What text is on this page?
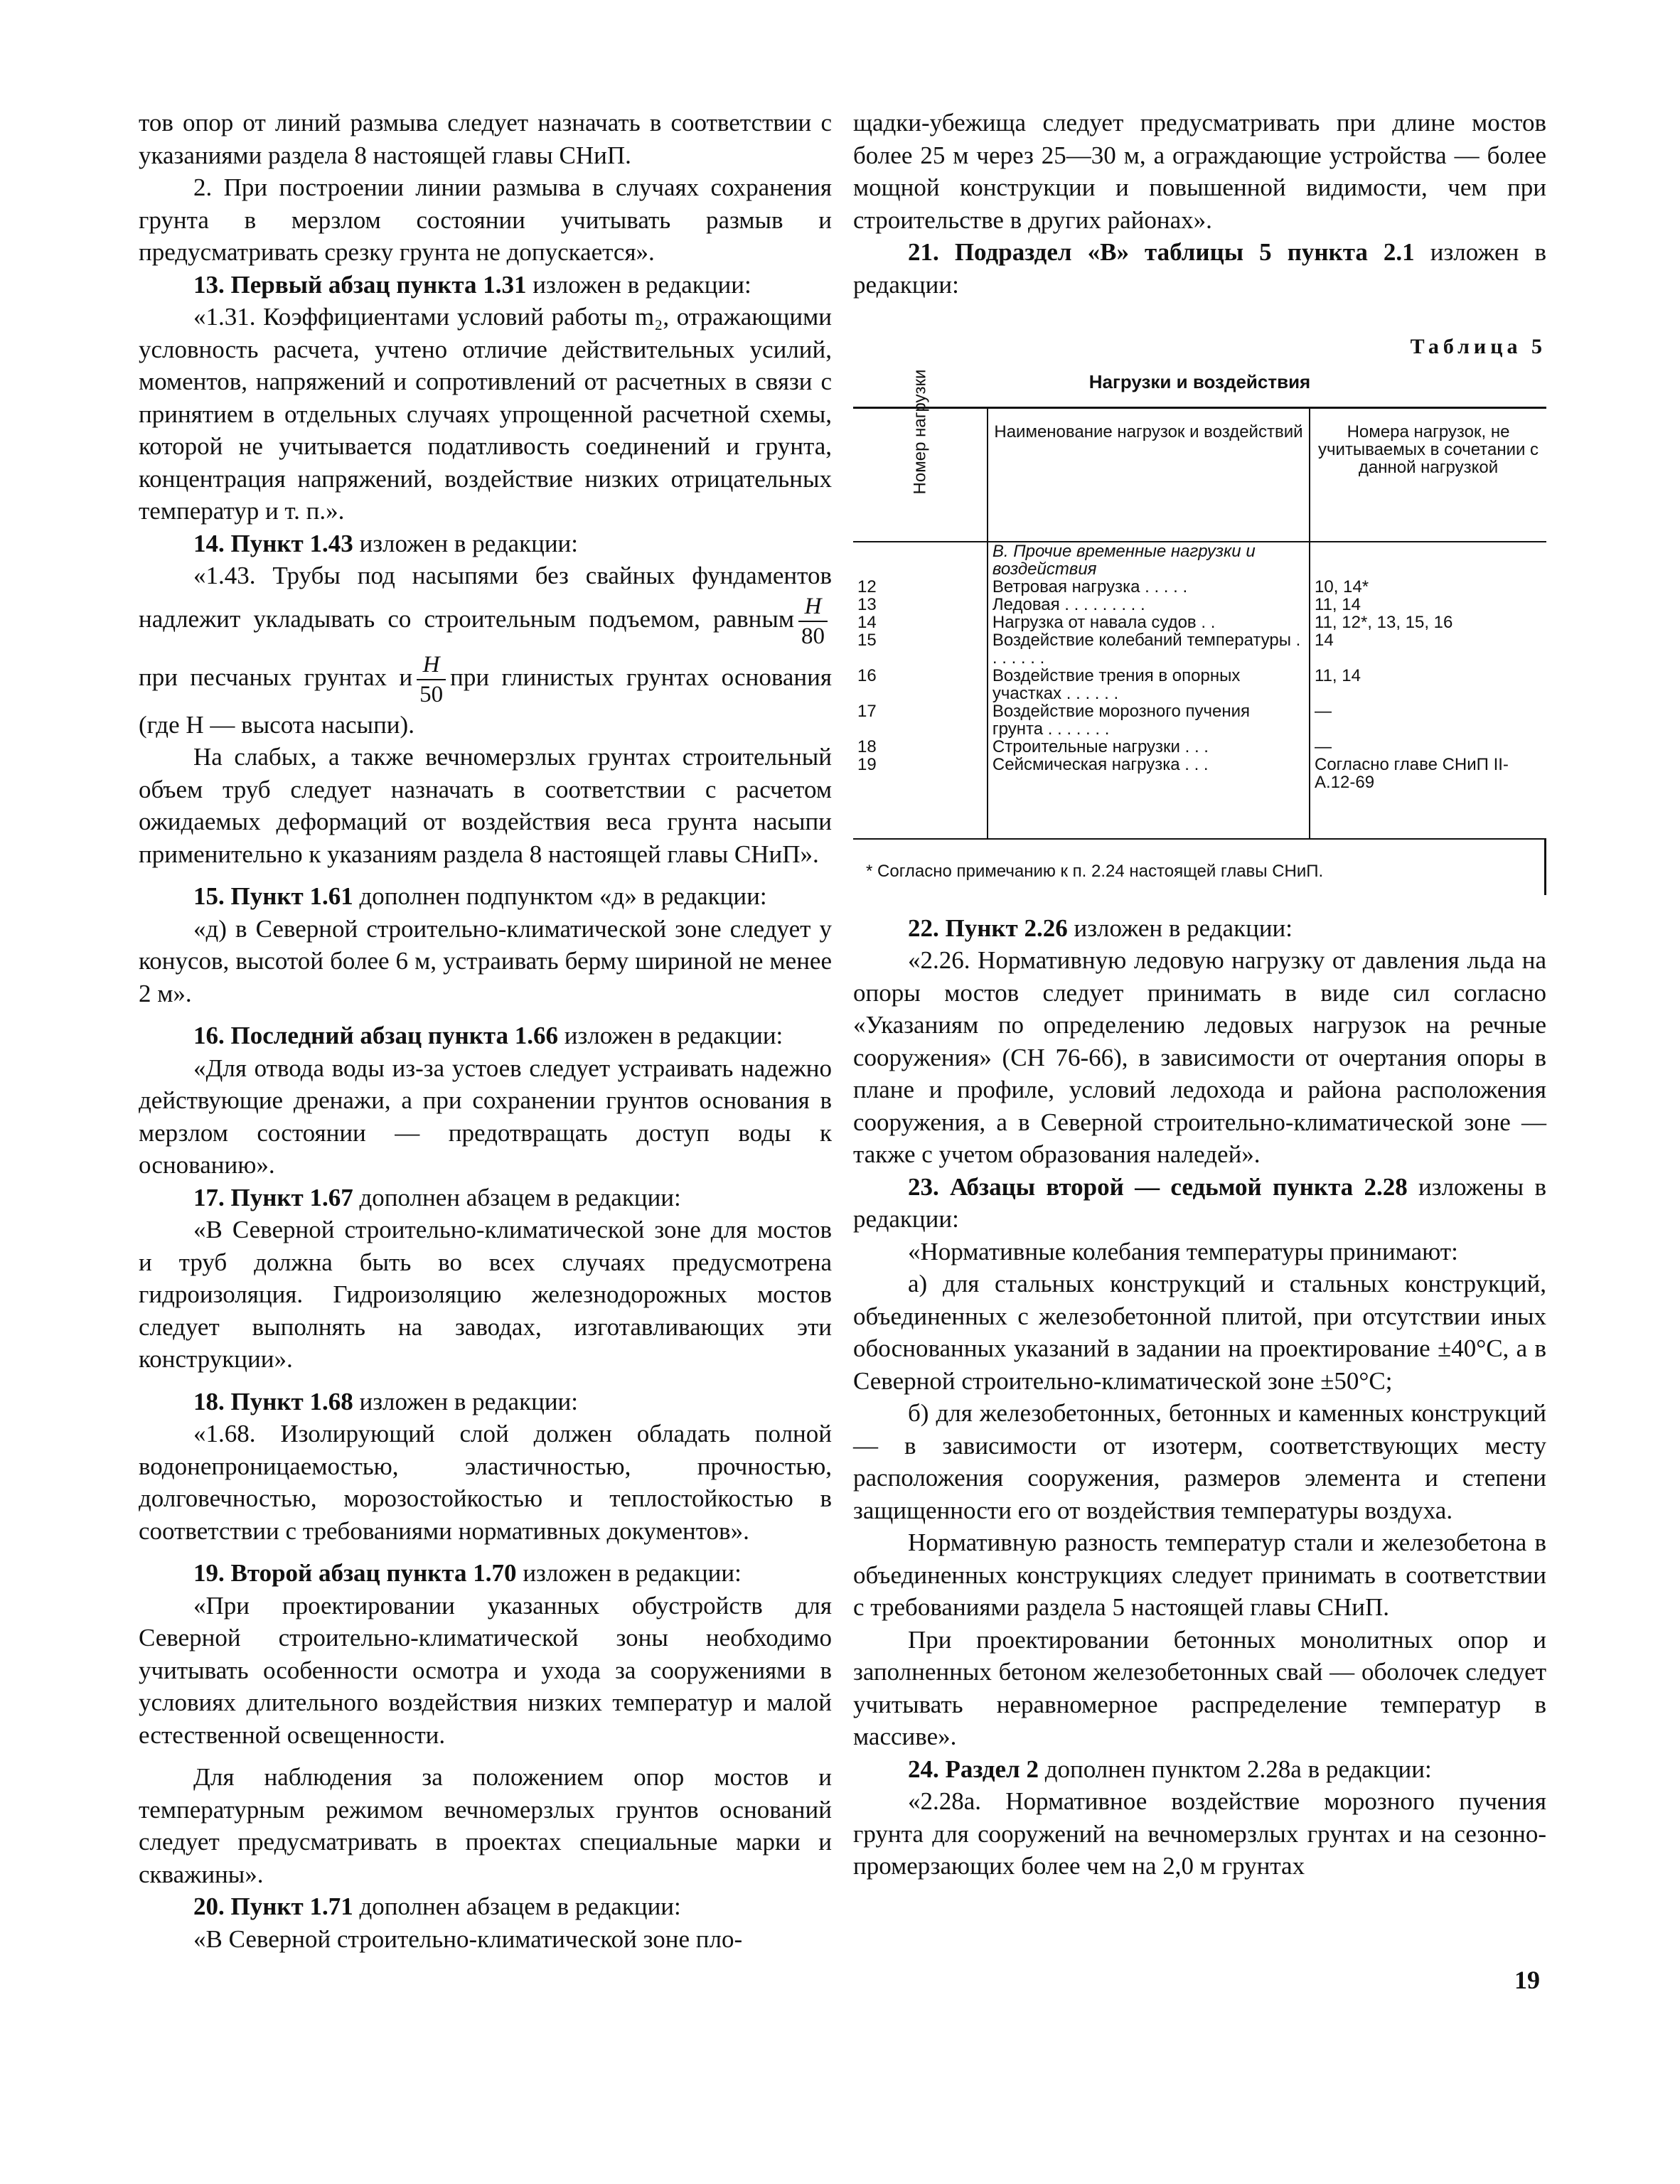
тов опор от линий размыва следует назначать в соответствии с указаниями раздела 8 настоящей главы СНиП.

2. При построении линии размыва в случаях сохранения грунта в мерзлом состоянии учитывать размыв и предусматривать срезку грунта не допускается».

13. Первый абзац пункта 1.31 изложен в редакции:

«1.31. Коэффициентами условий работы m₂, отражающими условность расчета, учтено отличие действительных усилий, моментов, напряжений и сопротивлений от расчетных в связи с принятием в отдельных случаях упрощенной расчетной схемы, которой не учитывается податливость соединений и грунта, концентрация напряжений, воздействие низких отрицательных температур и т. п.».

14. Пункт 1.43 изложен в редакции:

«1.43. Трубы под насыпями без свайных фундаментов надлежит укладывать со строительным подъемом, равным $\frac{H}{80}$
при песчаных грунтах и $\frac{H}{50}$ при глинистых грунтах основания (где H — высота насыпи).

На слабых, а также вечномерзлых грунтах строительный объем труб следует назначать в соответствии с расчетом ожидаемых деформаций от воздействия веса грунта насыпи применительно к указаниям раздела 8 настоящей главы СНиП».

15. Пункт 1.61 дополнен подпунктом «д» в редакции:

«д) в Северной строительно-климатической зоне следует у конусов, высотой более 6 м, устраивать берму шириной не менее 2 м».

16. Последний абзац пункта 1.66 изложен в редакции:

«Для отвода воды из-за устоев следует устраивать надежно действующие дренажи, а при сохранении грунтов основания в мерзлом состоянии — предотвращать доступ воды к основанию».

17. Пункт 1.67 дополнен абзацем в редакции:

«В Северной строительно-климатической зоне для мостов и труб должна быть во всех случаях предусмотрена гидроизоляция. Гидроизоляцию железнодорожных мостов следует выполнять на заводах, изготавливающих эти конструкции».

18. Пункт 1.68 изложен в редакции:

«1.68. Изолирующий слой должен обладать полной водонепроницаемостью, эластичностью, прочностью, долговечностью, морозостойкостью и теплостойкостью в соответствии с требованиями нормативных документов».

19. Второй абзац пункта 1.70 изложен в редакции:

«При проектировании указанных обустройств для Северной строительно-климатической зоны необходимо учитывать особенности осмотра и ухода за сооружениями в условиях длительного воздействия низких температур и малой естественной освещенности.

Для наблюдения за положением опор мостов и температурным режимом вечномерзлых грунтов оснований следует предусматривать в проектах специальные марки и скважины».

20. Пункт 1.71 дополнен абзацем в редакции:

«В Северной строительно-климатической зоне пло-

щадки-убежища следует предусматривать при длине мостов более 25 м через 25—30 м, а ограждающие устройства — более мощной конструкции и повышенной видимости, чем при строительстве в других районах».

21. Подраздел «В» таблицы 5 пункта 2.1 изложен в редакции:

Таблица 5
Нагрузки и воздействия
Номер нагрузки	Наименование нагрузок и воздействий	Номера нагрузок, не учитываемых в сочетании с данной нагрузкой
	В. Прочие временные нагрузки и воздействия	
12	Ветровая нагрузка . . . . .	10, 14*
13	Ледовая . . . . . . . . .	11, 14
14	Нагрузка от навала судов . .	11, 12*, 13, 15, 16
15	Воздействие колебаний температуры . . . . . . .	14
16	Воздействие трения в опорных участках . . . . . .	11, 14
17	Воздействие морозного пучения грунта . . . . . . .	—
18	Строительные нагрузки . . .	—
19	Сейсмическая нагрузка . . .	Согласно главе СНиП II-А.12-69

* Согласно примечанию к п. 2.24 настоящей главы СНиП.

22. Пункт 2.26 изложен в редакции:

«2.26. Нормативную ледовую нагрузку от давления льда на опоры мостов следует принимать в виде сил согласно «Указаниям по определению ледовых нагрузок на речные сооружения» (СН 76-66), в зависимости от очертания опоры в плане и профиле, условий ледохода и района расположения сооружения, а в Северной строительно-климатической зоне — также с учетом образования наледей».

23. Абзацы второй — седьмой пункта 2.28 изложены в редакции:

«Нормативные колебания температуры принимают:

а) для стальных конструкций и стальных конструкций, объединенных с железобетонной плитой, при отсутствии иных обоснованных указаний в задании на проектирование ±40°С, а в Северной строительно-климатической зоне ±50°С;

б) для железобетонных, бетонных и каменных конструкций — в зависимости от изотерм, соответствующих месту расположения сооружения, размеров элемента и степени защищенности его от воздействия температуры воздуха.

Нормативную разность температур стали и железобетона в объединенных конструкциях следует принимать в соответствии с требованиями раздела 5 настоящей главы СНиП.

При проектировании бетонных монолитных опор и заполненных бетоном железобетонных свай — оболочек следует учитывать неравномерное распределение температур в массиве».

24. Раздел 2 дополнен пунктом 2.28а в редакции:

«2.28а. Нормативное воздействие морозного пучения грунта для сооружений на вечномерзлых грунтах и на сезонно-промерзающих более чем на 2,0 м грунтах

19
